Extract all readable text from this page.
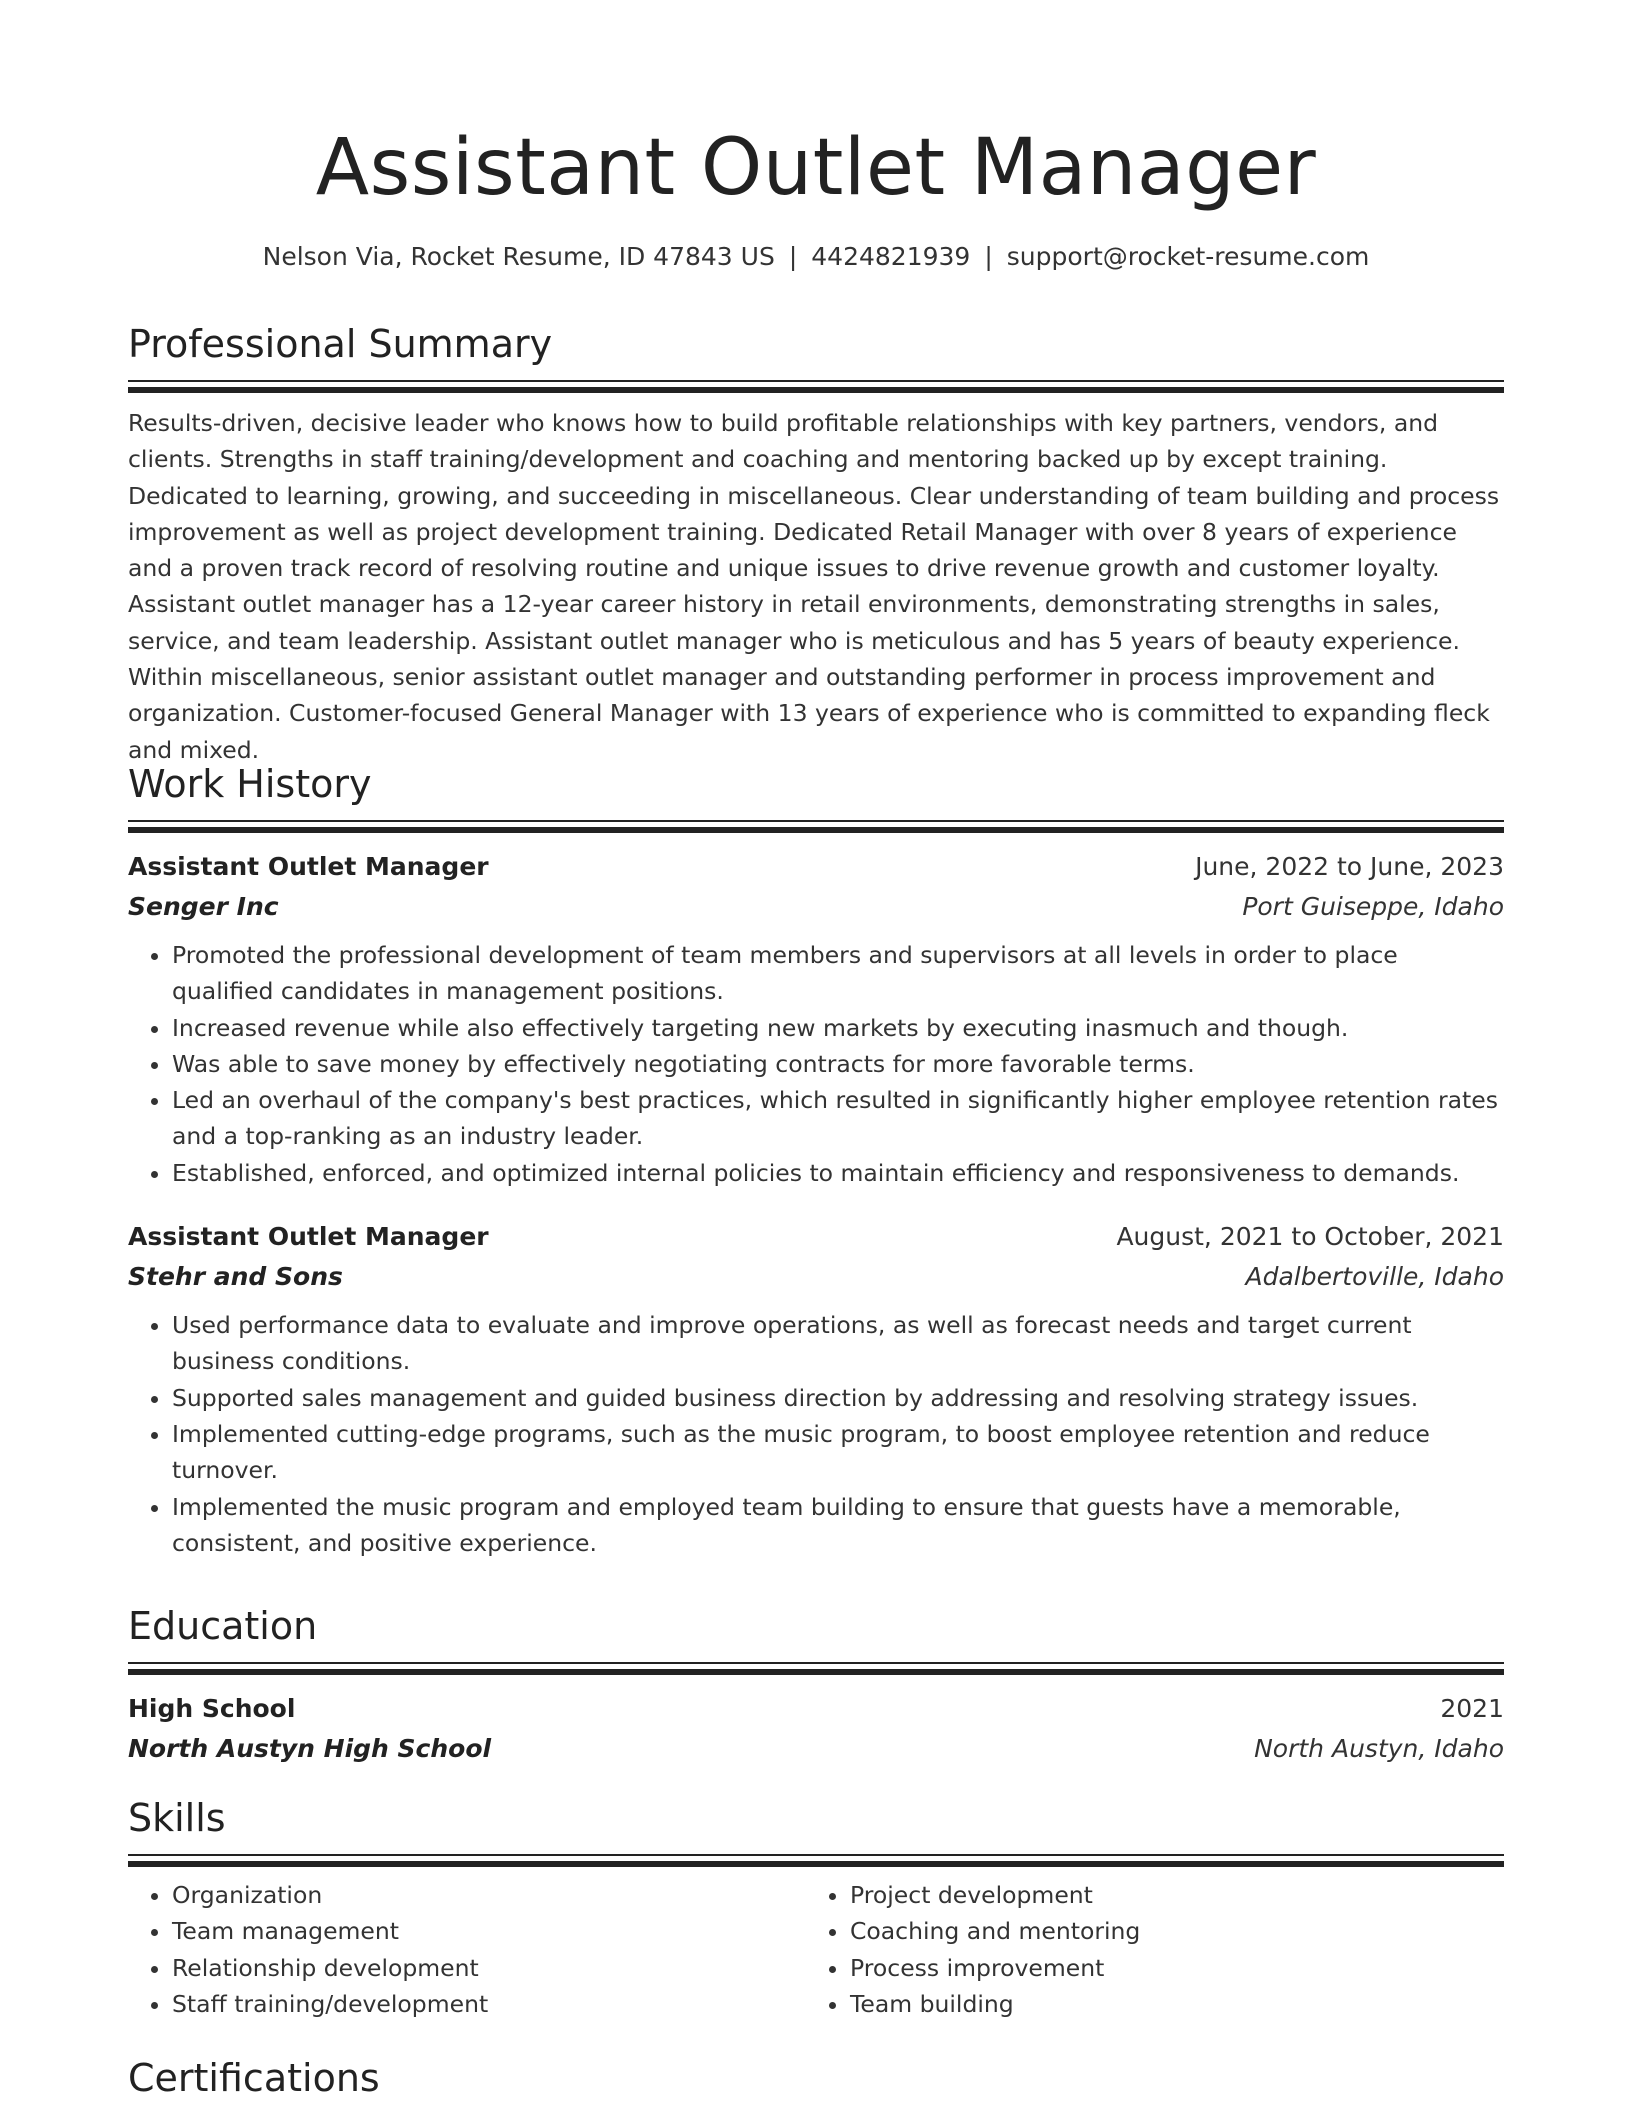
Assistant Outlet Manager
Nelson Via, Rocket Resume, ID 47843 US | 4424821939 | support@rocket-resume.com
Professional Summary
Results-driven, decisive leader who knows how to build profitable relationships with key partners, vendors, and clients. Strengths in staff training/development and coaching and mentoring backed up by except training. Dedicated to learning, growing, and succeeding in miscellaneous. Clear understanding of team building and process improvement as well as project development training. Dedicated Retail Manager with over 8 years of experience and a proven track record of resolving routine and unique issues to drive revenue growth and customer loyalty. Assistant outlet manager has a 12-year career history in retail environments, demonstrating strengths in sales, service, and team leadership. Assistant outlet manager who is meticulous and has 5 years of beauty experience. Within miscellaneous, senior assistant outlet manager and outstanding performer in process improvement and organization. Customer-focused General Manager with 13 years of experience who is committed to expanding fleck and mixed.
Work History
Assistant Outlet Manager	June, 2022 to June, 2023
Senger Inc	Port Guiseppe, Idaho
• Promoted the professional development of team members and supervisors at all levels in order to place qualified candidates in management positions.
• Increased revenue while also effectively targeting new markets by executing inasmuch and though.
• Was able to save money by effectively negotiating contracts for more favorable terms.
• Led an overhaul of the company's best practices, which resulted in significantly higher employee retention rates and a top-ranking as an industry leader.
• Established, enforced, and optimized internal policies to maintain efficiency and responsiveness to demands.
Assistant Outlet Manager	August, 2021 to October, 2021
Stehr and Sons	Adalbertoville, Idaho
• Used performance data to evaluate and improve operations, as well as forecast needs and target current business conditions.
• Supported sales management and guided business direction by addressing and resolving strategy issues.
• Implemented cutting-edge programs, such as the music program, to boost employee retention and reduce turnover.
• Implemented the music program and employed team building to ensure that guests have a memorable, consistent, and positive experience.
Education
High School	2021
North Austyn High School	North Austyn, Idaho
Skills
• Organization
• Team management
• Relationship development
• Staff training/development
• Project development
• Coaching and mentoring
• Process improvement
• Team building
Certifications
